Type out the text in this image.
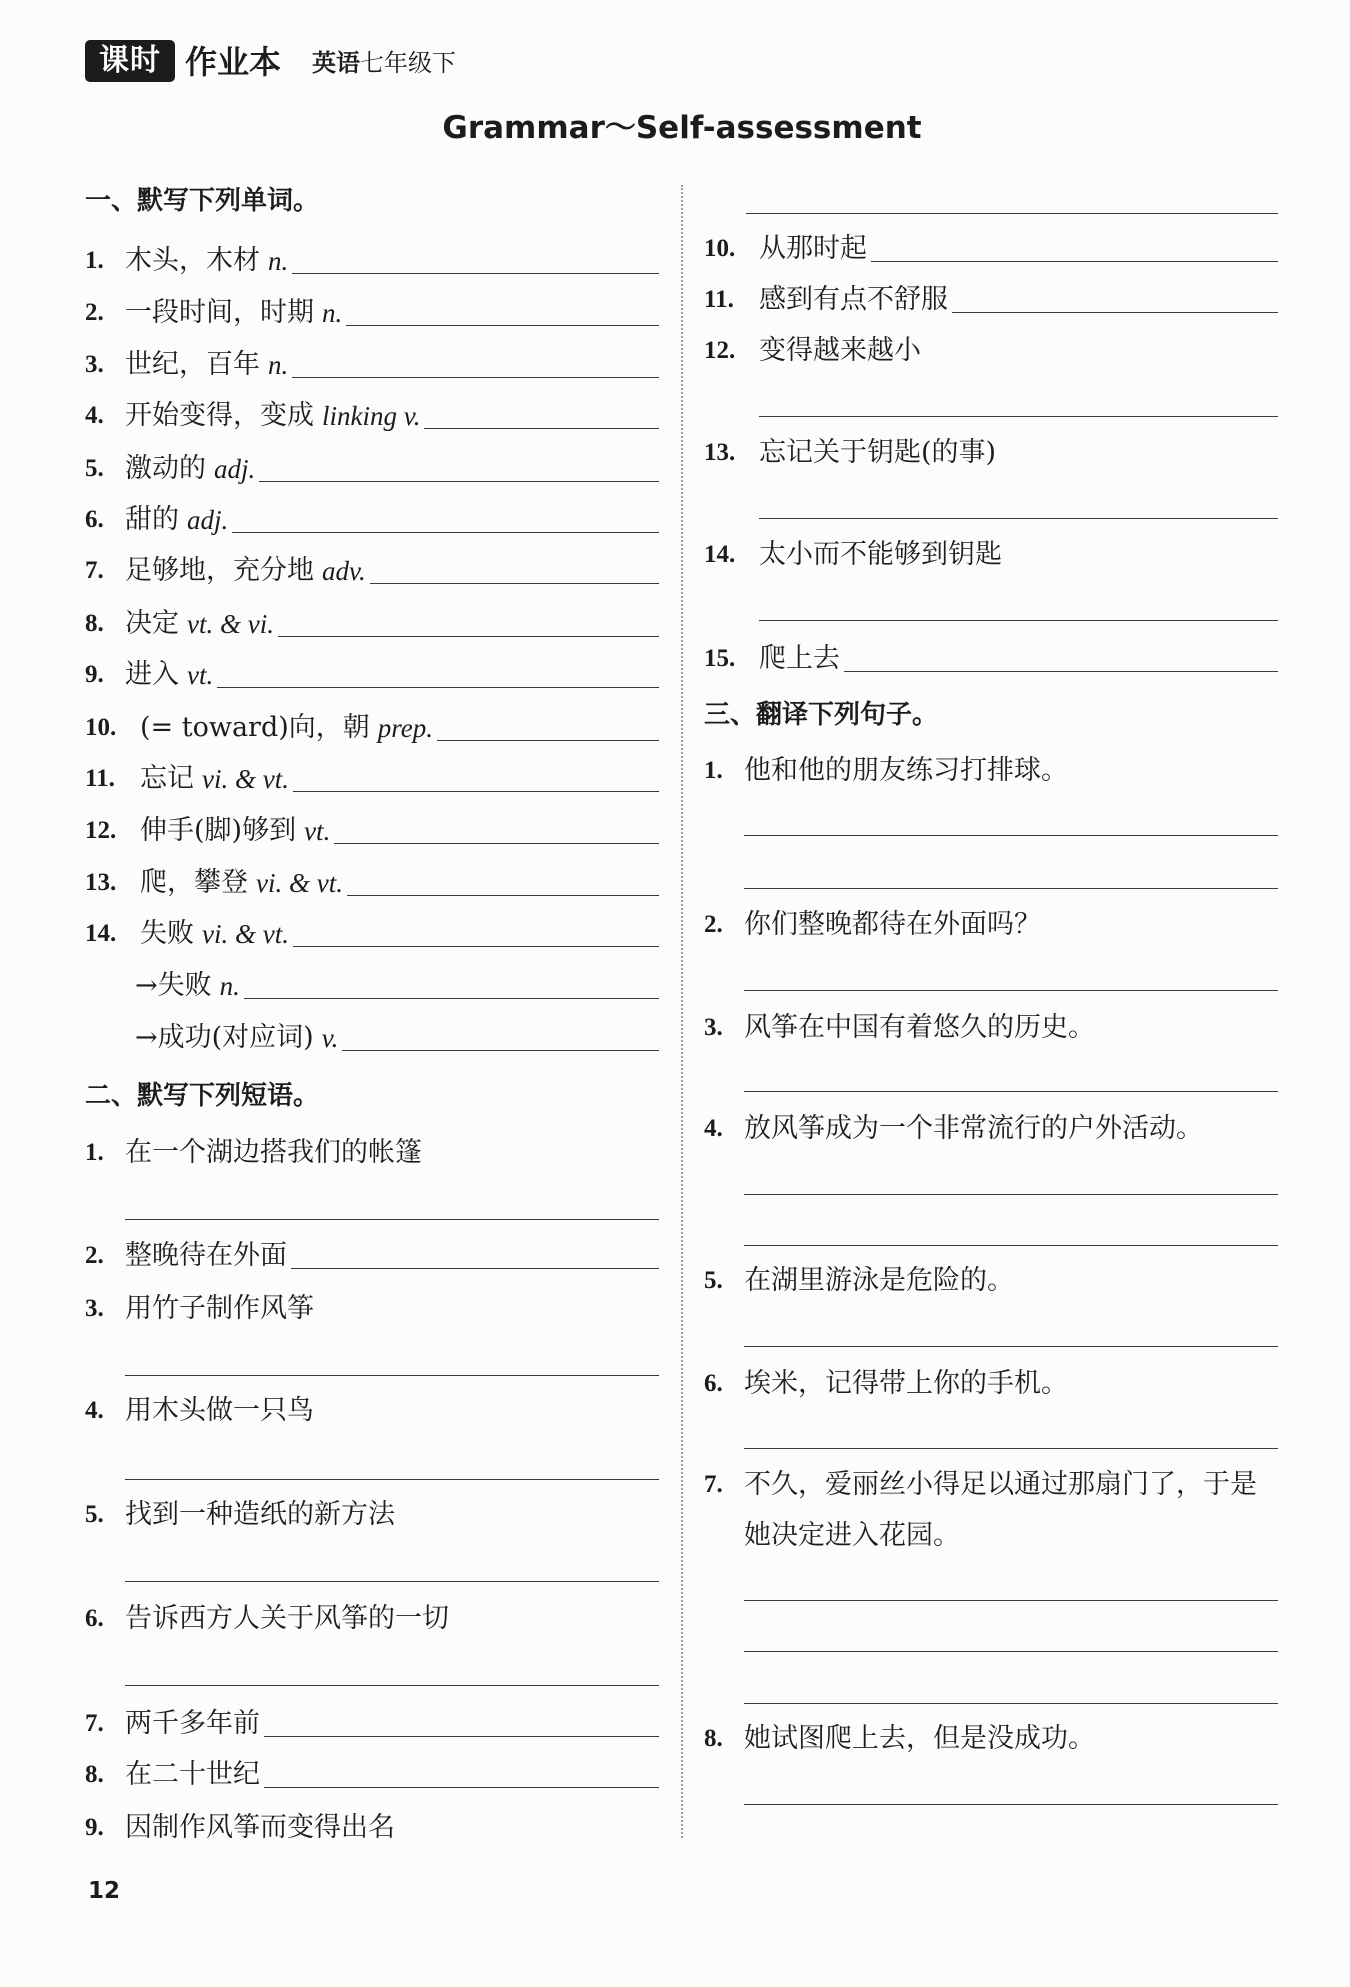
课时 作业本 英语七年级下
Grammar～Self-assessment
一、默写下列单词。
1. 木头，木材 n.
2. 一段时间，时期 n.
3. 世纪，百年 n.
4. 开始变得，变成 linking v.
5. 激动的 adj.
6. 甜的 adj.
7. 足够地，充分地 adv.
8. 决定 vt. & vi.
9. 进入 vt.
10. (= toward)向，朝 prep.
11. 忘记 vi. & vt.
12. 伸手(脚)够到 vt.
13. 爬，攀登 vi. & vt.
14. 失败 vi. & vt.
→失败 n.
→成功(对应词) v.
二、默写下列短语。
1. 在一个湖边搭我们的帐篷
2. 整晚待在外面
3. 用竹子制作风筝
4. 用木头做一只鸟
5. 找到一种造纸的新方法
6. 告诉西方人关于风筝的一切
7. 两千多年前
8. 在二十世纪
9. 因制作风筝而变得出名
10. 从那时起
11. 感到有点不舒服
12. 变得越来越小
13. 忘记关于钥匙(的事)
14. 太小而不能够到钥匙
15. 爬上去
三、翻译下列句子。
1. 他和他的朋友练习打排球。
2. 你们整晚都待在外面吗？
3. 风筝在中国有着悠久的历史。
4. 放风筝成为一个非常流行的户外活动。
5. 在湖里游泳是危险的。
6. 埃米，记得带上你的手机。
7. 不久，爱丽丝小得足以通过那扇门了，于是
她决定进入花园。
8. 她试图爬上去，但是没成功。
12
